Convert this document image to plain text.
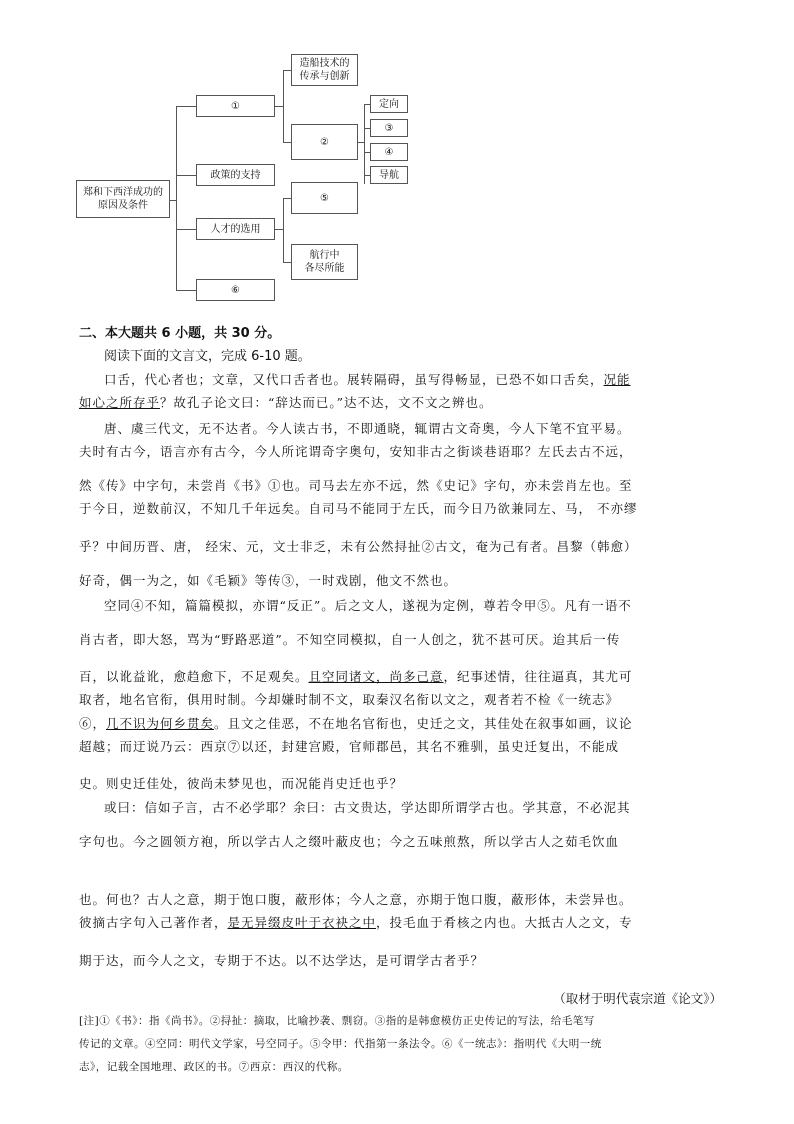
郑和下西洋成功的
原因及条件
①
造船技术的
传承与创新
②
定向
③
④
导航
政策的支持
⑤
人才的选用
航行中
各尽所能
⑥
二、本大题共 6 小题，共 30 分。
阅读下面的文言文，完成 6-10 题。
口舌，代心者也；文章，又代口舌者也。展转隔碍，虽写得畅显，已恐不如口舌矣，况能
如心之所存乎？故孔子论文曰：“辞达而已。”达不达，文不文之辨也。
唐、虞三代文，无不达者。今人读古书，不即通晓，辄谓古文奇奥，今人下笔不宜平易。
夫时有古今，语言亦有古今，今人所诧谓奇字奥句，安知非古之街谈巷语耶？左氏去古不远，
然《传》中字句，未尝肖《书》①也。司马去左亦不远，然《史记》字句，亦未尝肖左也。至
于今日，逆数前汉，不知几千年远矣。自司马不能同于左氏，而今日乃欲兼同左、马， 不亦缪
乎？中间历晋、唐， 经宋、元，文士非乏，未有公然挦扯②古文，奄为己有者。昌黎（韩愈）
好奇，偶一为之，如《毛颖》等传③，一时戏剧，他文不然也。
空同④不知，篇篇模拟，亦谓“反正”。后之文人，遂视为定例，尊若令甲⑤。凡有一语不
肖古者，即大怒，骂为“野路恶道”。不知空同模拟，自一人创之，犹不甚可厌。迨其后一传
百，以讹益讹，愈趋愈下，不足观矣。且空同诸文，尚多己意，纪事述情，往往逼真，其尤可
取者，地名官衔，俱用时制。今却嫌时制不文，取秦汉名衔以文之，观者若不检《一统志》
⑥，几不识为何乡贯矣。且文之佳恶，不在地名官衔也，史迁之文，其佳处在叙事如画，议论
超越；而迂说乃云：西京⑦以还，封建宫殿，官师郡邑，其名不雅驯，虽史迁复出，不能成
史。则史迁佳处，彼尚未梦见也，而况能肖史迁也乎？
或曰：信如子言，古不必学耶？余曰：古文贵达，学达即所谓学古也。学其意，不必泥其
字句也。今之圆领方袍，所以学古人之缀叶蔽皮也；今之五味煎熬，所以学古人之茹毛饮血
也。何也？古人之意，期于饱口腹，蔽形体；今人之意，亦期于饱口腹，蔽形体，未尝异也。
彼摘古字句入己著作者，是无异缀皮叶于衣袂之中，投毛血于肴核之内也。大抵古人之文，专
期于达，而今人之文，专期于不达。以不达学达，是可谓学古者乎？
（取材于明代袁宗道《论文》）
[注]①《书》：指《尚书》。②挦扯：摘取，比喻抄袭、剽窃。③指的是韩愈模仿正史传记的写法，给毛笔写
传记的文章。④空同：明代文学家，号空同子。⑤令甲：代指第一条法令。⑥《一统志》：指明代《大明一统
志》，记载全国地理、政区的书。⑦西京：西汉的代称。
